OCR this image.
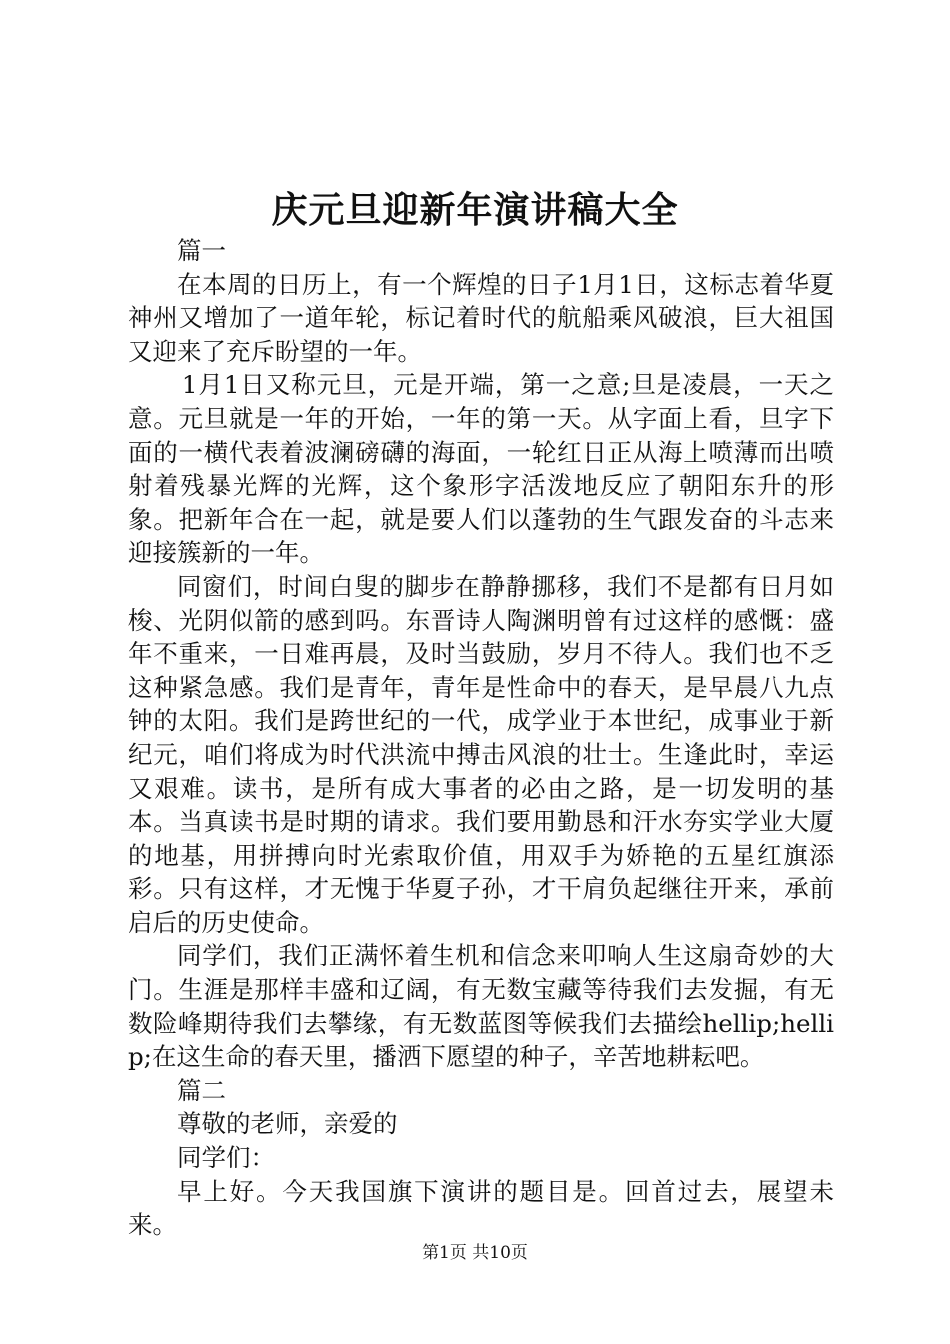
庆元旦迎新年演讲稿大全

篇一

在本周的日历上，有一个辉煌的日子1月1日，这标志着华夏神州又增加了一道年轮，标记着时代的航船乘风破浪，巨大祖国又迎来了充斥盼望的一年。

1月1日又称元旦，元是开端，第一之意;旦是凌晨，一天之意。元旦就是一年的开始，一年的第一天。从字面上看，旦字下面的一横代表着波澜磅礴的海面，一轮红日正从海上喷薄而出喷射着残暴光辉的光辉，这个象形字活泼地反应了朝阳东升的形象。把新年合在一起，就是要人们以蓬勃的生气跟发奋的斗志来迎接簇新的一年。

同窗们，时间白叟的脚步在静静挪移，我们不是都有日月如梭、光阴似箭的感到吗。东晋诗人陶渊明曾有过这样的感慨：盛年不重来，一日难再晨，及时当鼓励，岁月不待人。我们也不乏这种紧急感。我们是青年，青年是性命中的春天，是早晨八九点钟的太阳。我们是跨世纪的一代，成学业于本世纪，成事业于新纪元，咱们将成为时代洪流中搏击风浪的壮士。生逢此时，幸运又艰难。读书，是所有成大事者的必由之路，是一切发明的基本。当真读书是时期的请求。我们要用勤恳和汗水夯实学业大厦的地基，用拼搏向时光索取价值，用双手为娇艳的五星红旗添彩。只有这样，才无愧于华夏子孙，才干肩负起继往开来，承前启后的历史使命。

同学们，我们正满怀着生机和信念来叩响人生这扇奇妙的大门。生涯是那样丰盛和辽阔，有无数宝藏等待我们去发掘，有无数险峰期待我们去攀缘，有无数蓝图等候我们去描绘hellip;hellip;在这生命的春天里，播洒下愿望的种子，辛苦地耕耘吧。

篇二

尊敬的老师，亲爱的

同学们：

早上好。今天我国旗下演讲的题目是。回首过去，展望未来。

第1页 共10页
